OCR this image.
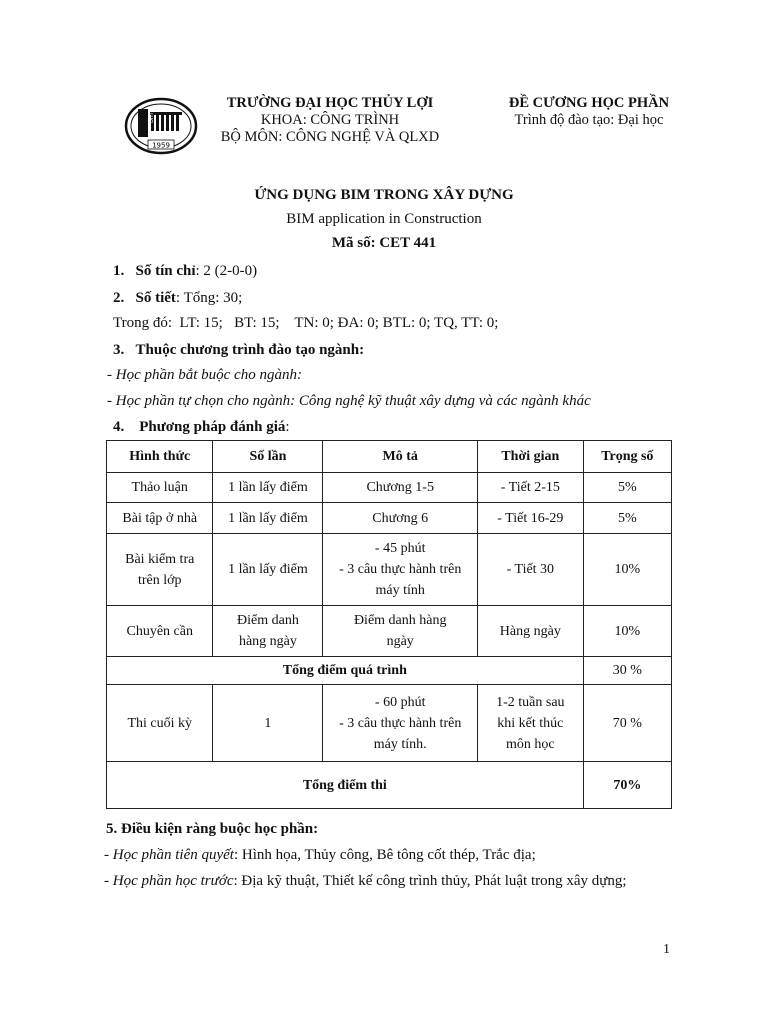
ĐHTL
1959
TRƯỜNG ĐẠI HỌC THỦY LỢI
KHOA: CÔNG TRÌNH
BỘ MÔN: CÔNG NGHỆ VÀ QLXD
ĐỀ CƯƠNG HỌC PHẦN
Trình độ đào tạo: Đại học
ỨNG DỤNG BIM TRONG XÂY DỰNG
BIM application in Construction
Mã số: CET 441
1. Số tín chỉ: 2 (2-0-0)
2. Số tiết: Tổng: 30;
Trong đó:  LT: 15;   BT: 15;    TN: 0; ĐA: 0; BTL: 0; TQ, TT: 0;
3. Thuộc chương trình đào tạo ngành:
- Học phần bắt buộc cho ngành:
- Học phần tự chọn cho ngành: Công nghệ kỹ thuật xây dựng và các ngành khác
4. Phương pháp đánh giá:
Hình thức	Số lần	Mô tả	Thời gian	Trọng số
Thảo luận	1 lần lấy điểm	Chương 1-5	- Tiết 2-15	5%
Bài tập ở nhà	1 lần lấy điểm	Chương 6	- Tiết 16-29	5%
Bài kiểm tra trên lớp	1 lần lấy điểm	- 45 phút
- 3 câu thực hành trên máy tính	- Tiết 30	10%
Chuyên cần	Điểm danh hàng ngày	Điểm danh hàng ngày	Hàng ngày	10%
Tổng điểm quá trình				30 %
Thi cuối kỳ	1	- 60 phút
- 3 câu thực hành trên máy tính.	1-2 tuần sau khi kết thúc môn học	70 %
Tổng điểm thi				70%
5. Điều kiện ràng buộc học phần:
- Học phần tiên quyết: Hình họa, Thủy công, Bê tông cốt thép, Trắc địa;
- Học phần học trước: Địa kỹ thuật, Thiết kế công trình thủy, Phát luật trong xây dựng;
1
